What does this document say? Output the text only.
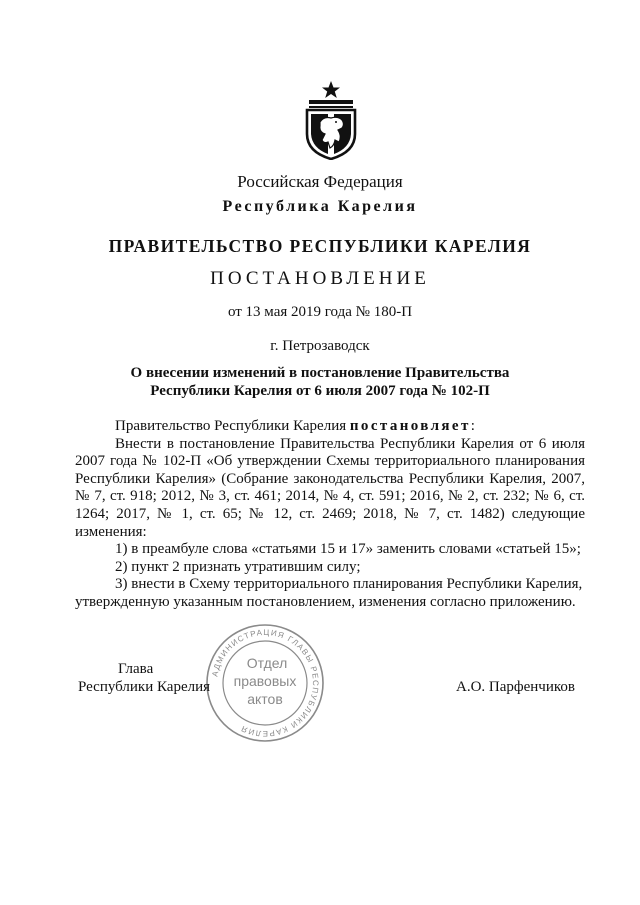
Российская Федерация
Республика Карелия
ПРАВИТЕЛЬСТВО РЕСПУБЛИКИ КАРЕЛИЯ
ПОСТАНОВЛЕНИЕ
от 13 мая 2019 года № 180-П
г. Петрозаводск
О внесении изменений в постановление Правительства
Республики Карелия от 6 июля 2007 года № 102-П

Правительство Республики Карелия постановляет:

Внести в постановление Правительства Республики Карелия от 6 июля 2007 года № 102-П «Об утверждении Схемы территориального планирования Республики Карелия» (Собрание законодательства Республики Карелия, 2007, № 7, ст. 918; 2012, № 3, ст. 461; 2014, № 4, ст. 591; 2016, № 2, ст. 232; № 6, ст. 1264; 2017, № 1, ст. 65; № 12, ст. 2469; 2018, № 7, ст. 1482) следующие изменения:

1) в преамбуле слова «статьями 15 и 17» заменить словами «статьей 15»;

2) пункт 2 признать утратившим силу;

3) внести в Схему территориального планирования Республики Карелия,

утвержденную указанным постановлением, изменения согласно приложению.

АДМИНИСТРАЦИЯ ГЛАВЫ РЕСПУБЛИКИ КАРЕЛИЯ
Отдел
правовых
актов
Глава
Республики Карелия	А.О. Парфенчиков
